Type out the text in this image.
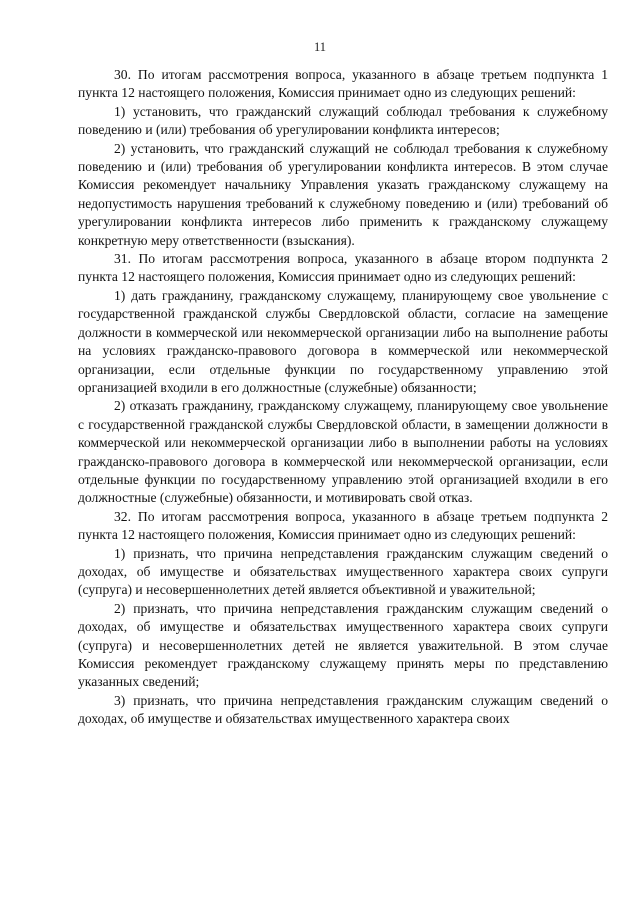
11

30. По итогам рассмотрения вопроса, указанного в абзаце третьем подпункта 1 пункта 12 настоящего положения, Комиссия принимает одно из следующих решений:

1) установить, что гражданский служащий соблюдал требования к служебному поведению и (или) требования об урегулировании конфликта интересов;

2) установить, что гражданский служащий не соблюдал требования к служебному поведению и (или) требования об урегулировании конфликта интересов. В этом случае Комиссия рекомендует начальнику Управления указать гражданскому служащему на недопустимость нарушения требований к служебному поведению и (или) требований об урегулировании конфликта интересов либо применить к гражданскому служащему конкретную меру ответственности (взыскания).

31. По итогам рассмотрения вопроса, указанного в абзаце втором подпункта 2 пункта 12 настоящего положения, Комиссия принимает одно из следующих решений:

1) дать гражданину, гражданскому служащему, планирующему свое увольнение с государственной гражданской службы Свердловской области, согласие на замещение должности в коммерческой или некоммерческой организации либо на выполнение работы на условиях гражданско-правового договора в коммерческой или некоммерческой организации, если отдельные функции по государственному управлению этой организацией входили в его должностные (служебные) обязанности;

2) отказать гражданину, гражданскому служащему, планирующему свое увольнение с государственной гражданской службы Свердловской области, в замещении должности в коммерческой или некоммерческой организации либо в выполнении работы на условиях гражданско-правового договора в коммерческой или некоммерческой организации, если отдельные функции по государственному управлению этой организацией входили в его должностные (служебные) обязанности, и мотивировать свой отказ.

32. По итогам рассмотрения вопроса, указанного в абзаце третьем подпункта 2 пункта 12 настоящего положения, Комиссия принимает одно из следующих решений:

1) признать, что причина непредставления гражданским служащим сведений о доходах, об имуществе и обязательствах имущественного характера своих супруги (супруга) и несовершеннолетних детей является объективной и уважительной;

2) признать, что причина непредставления гражданским служащим сведений о доходах, об имуществе и обязательствах имущественного характера своих супруги (супруга) и несовершеннолетних детей не является уважительной. В этом случае Комиссия рекомендует гражданскому служащему принять меры по представлению указанных сведений;

3) признать, что причина непредставления гражданским служащим сведений о доходах, об имуществе и обязательствах имущественного характера своих
